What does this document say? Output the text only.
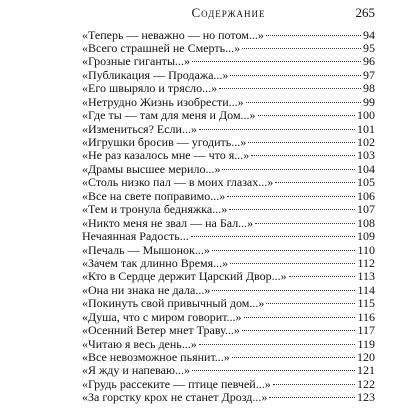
Содержание	265
«Теперь — неважно — но потом...»	94
«Всего страшней не Смерть...»	95
«Грозные гиганты...»	96
«Публикация — Продажа...»	97
«Его швыряло и трясло...»	98
«Нетрудно Жизнь изобрести...»	99
«Где ты — там для меня и Дом...»	100
«Измениться? Если...»	101
«Игрушки бросив — угодить...»	102
«Не раз казалось мне — что я...»	103
«Драмы высшее мерило...»	104
«Столь низко пал — в моих глазах...»	105
«Все на свете поправимо...»	106
«Тем и тронула бедняжка...»	107
«Никто меня не звал — на Бал...»	108
Нечаянная Радость...	109
«Печаль — Мышонок...»	110
«Зачем так длинно Время...»	112
«Кто в Сердце держит Царский Двор...»	113
«Она ни знака не дала...»	114
«Покинуть свой привычный дом...»	115
«Душа, что с миром говорит...»	116
«Осенний Ветер мнет Траву...»	117
«Читаю я весь день...»	119
«Все невозможное пьянит...»	120
«Я жду и напеваю...»	121
«Грудь рассеките — птице певчей...»	122
«За горстку крох не станет Дрозд...»	123
